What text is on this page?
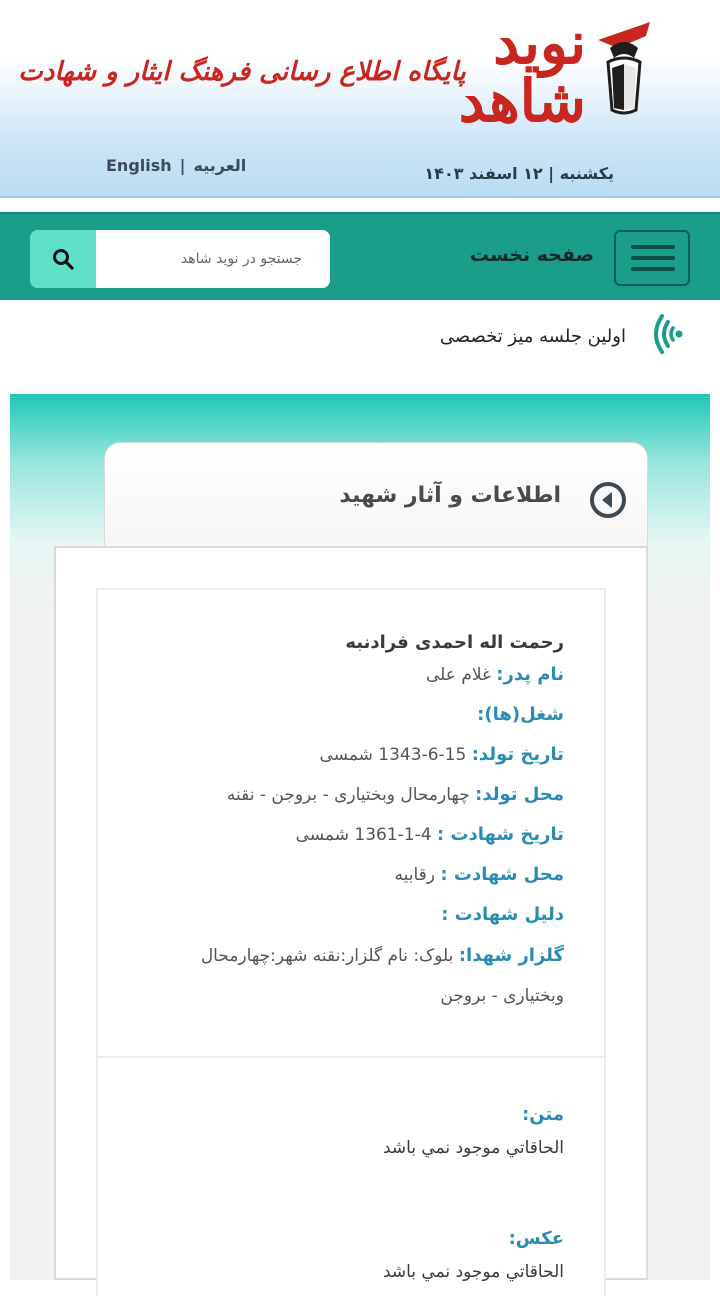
نوید شاهد
پایگاه اطلاع رسانی فرهنگ ایثار و شهادت
یکشنبه | ۱۲ اسفند ۱۴۰۳
English | العربیه
صفحه نخست
جستجو در نوید شاهد
اولین جلسه میز تخصصی
اطلاعات و آثار شهید
رحمت اله احمدی فرادنبه
نام پدر: غلام علی
شغل(ها):
تاریخ تولد: 15-6-1343 شمسی
محل تولد: چهارمحال وبختیاری - بروجن - نقنه
تاریخ شهادت : 4-1-1361 شمسی
محل شهادت : رقابیه
دلیل شهادت :
گلزار شهدا: بلوک: نام گلزار:نقنه شهر:چهارمحال وبختیاری - بروجن
متن:
الحاقاتي موجود نمي باشد
عکس:
الحاقاتي موجود نمي باشد
